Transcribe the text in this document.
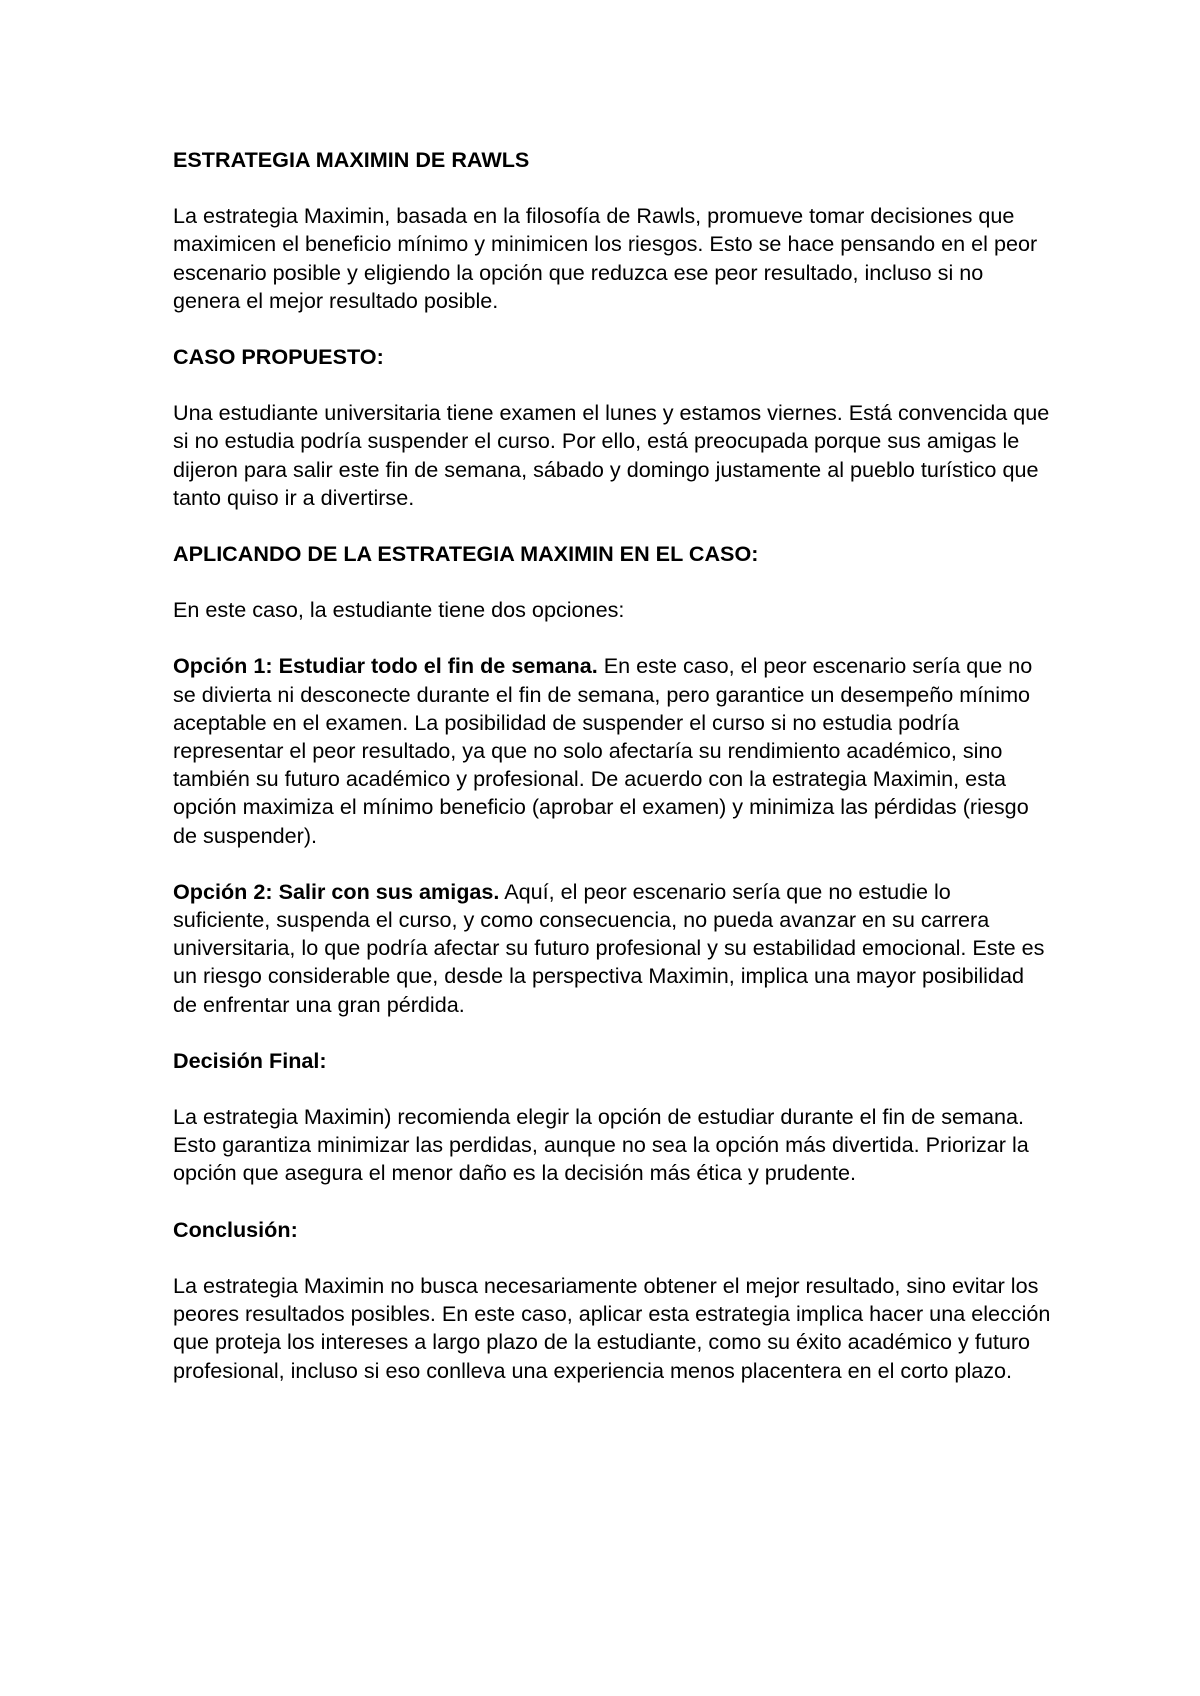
ESTRATEGIA MAXIMIN DE RAWLS

La estrategia Maximin, basada en la filosofía de Rawls, promueve tomar decisiones que maximicen el beneficio mínimo y minimicen los riesgos. Esto se hace pensando en el peor escenario posible y eligiendo la opción que reduzca ese peor resultado, incluso si no genera el mejor resultado posible.

CASO PROPUESTO:

Una estudiante universitaria tiene examen el lunes y estamos viernes. Está convencida que si no estudia podría suspender el curso. Por ello, está preocupada porque sus amigas le dijeron para salir este fin de semana, sábado y domingo justamente al pueblo turístico que tanto quiso ir a divertirse.

APLICANDO DE LA ESTRATEGIA MAXIMIN EN EL CASO:

En este caso, la estudiante tiene dos opciones:

Opción 1: Estudiar todo el fin de semana. En este caso, el peor escenario sería que no se divierta ni desconecte durante el fin de semana, pero garantice un desempeño mínimo aceptable en el examen. La posibilidad de suspender el curso si no estudia podría representar el peor resultado, ya que no solo afectaría su rendimiento académico, sino también su futuro académico y profesional. De acuerdo con la estrategia Maximin, esta opción maximiza el mínimo beneficio (aprobar el examen) y minimiza las pérdidas (riesgo de suspender).

Opción 2: Salir con sus amigas. Aquí, el peor escenario sería que no estudie lo suficiente, suspenda el curso, y como consecuencia, no pueda avanzar en su carrera universitaria, lo que podría afectar su futuro profesional y su estabilidad emocional. Este es un riesgo considerable que, desde la perspectiva Maximin, implica una mayor posibilidad de enfrentar una gran pérdida.

Decisión Final:

La estrategia Maximin) recomienda elegir la opción de estudiar durante el fin de semana. Esto garantiza minimizar las perdidas, aunque no sea la opción más divertida. Priorizar la opción que asegura el menor daño es la decisión más ética y prudente.

Conclusión:

La estrategia Maximin no busca necesariamente obtener el mejor resultado, sino evitar los peores resultados posibles. En este caso, aplicar esta estrategia implica hacer una elección que proteja los intereses a largo plazo de la estudiante, como su éxito académico y futuro profesional, incluso si eso conlleva una experiencia menos placentera en el corto plazo.
